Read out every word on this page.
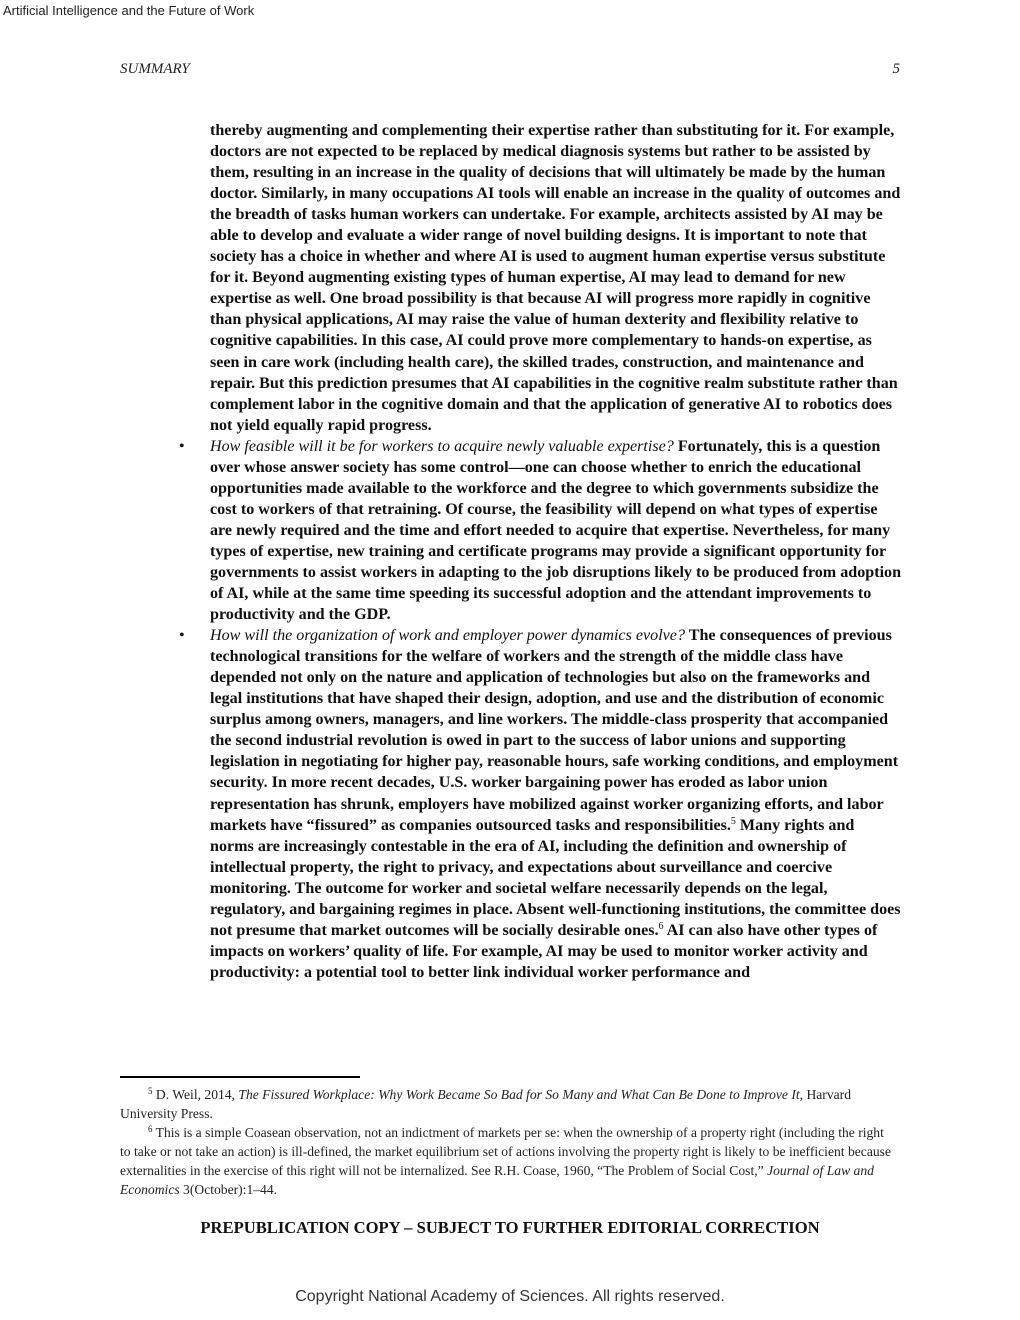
Artificial Intelligence and the Future of Work
SUMMARY	5

thereby augmenting and complementing their expertise rather than substituting for it. For example, doctors are not expected to be replaced by medical diagnosis systems but rather to be assisted by them, resulting in an increase in the quality of decisions that will ultimately be made by the human doctor. Similarly, in many occupations AI tools will enable an increase in the quality of outcomes and the breadth of tasks human workers can undertake. For example, architects assisted by AI may be able to develop and evaluate a wider range of novel building designs. It is important to note that society has a choice in whether and where AI is used to augment human expertise versus substitute for it. Beyond augmenting existing types of human expertise, AI may lead to demand for new expertise as well. One broad possibility is that because AI will progress more rapidly in cognitive than physical applications, AI may raise the value of human dexterity and flexibility relative to cognitive capabilities. In this case, AI could prove more complementary to hands-on expertise, as seen in care work (including health care), the skilled trades, construction, and maintenance and repair. But this prediction presumes that AI capabilities in the cognitive realm substitute rather than complement labor in the cognitive domain and that the application of generative AI to robotics does not yield equally rapid progress.

• How feasible will it be for workers to acquire newly valuable expertise? Fortunately, this is a question over whose answer society has some control—one can choose whether to enrich the educational opportunities made available to the workforce and the degree to which governments subsidize the cost to workers of that retraining. Of course, the feasibility will depend on what types of expertise are newly required and the time and effort needed to acquire that expertise. Nevertheless, for many types of expertise, new training and certificate programs may provide a significant opportunity for governments to assist workers in adapting to the job disruptions likely to be produced from adoption of AI, while at the same time speeding its successful adoption and the attendant improvements to productivity and the GDP.

• How will the organization of work and employer power dynamics evolve? The consequences of previous technological transitions for the welfare of workers and the strength of the middle class have depended not only on the nature and application of technologies but also on the frameworks and legal institutions that have shaped their design, adoption, and use and the distribution of economic surplus among owners, managers, and line workers. The middle-class prosperity that accompanied the second industrial revolution is owed in part to the success of labor unions and supporting legislation in negotiating for higher pay, reasonable hours, safe working conditions, and employment security. In more recent decades, U.S. worker bargaining power has eroded as labor union representation has shrunk, employers have mobilized against worker organizing efforts, and labor markets have “fissured” as companies outsourced tasks and responsibilities.$^5$ Many rights and norms are increasingly contestable in the era of AI, including the definition and ownership of intellectual property, the right to privacy, and expectations about surveillance and coercive monitoring. The outcome for worker and societal welfare necessarily depends on the legal, regulatory, and bargaining regimes in place. Absent well-functioning institutions, the committee does not presume that market outcomes will be socially desirable ones.$^6$ AI can also have other types of impacts on workers’ quality of life. For example, AI may be used to monitor worker activity and productivity: a potential tool to better link individual worker performance and

$^5$ D. Weil, 2014, The Fissured Workplace: Why Work Became So Bad for So Many and What Can Be Done to Improve It, Harvard University Press.

$^6$ This is a simple Coasean observation, not an indictment of markets per se: when the ownership of a property right (including the right to take or not take an action) is ill-defined, the market equilibrium set of actions involving the property right is likely to be inefficient because externalities in the exercise of this right will not be internalized. See R.H. Coase, 1960, “The Problem of Social Cost,” Journal of Law and Economics 3(October):1–44.

PREPUBLICATION COPY – SUBJECT TO FURTHER EDITORIAL CORRECTION
Copyright National Academy of Sciences. All rights reserved.
